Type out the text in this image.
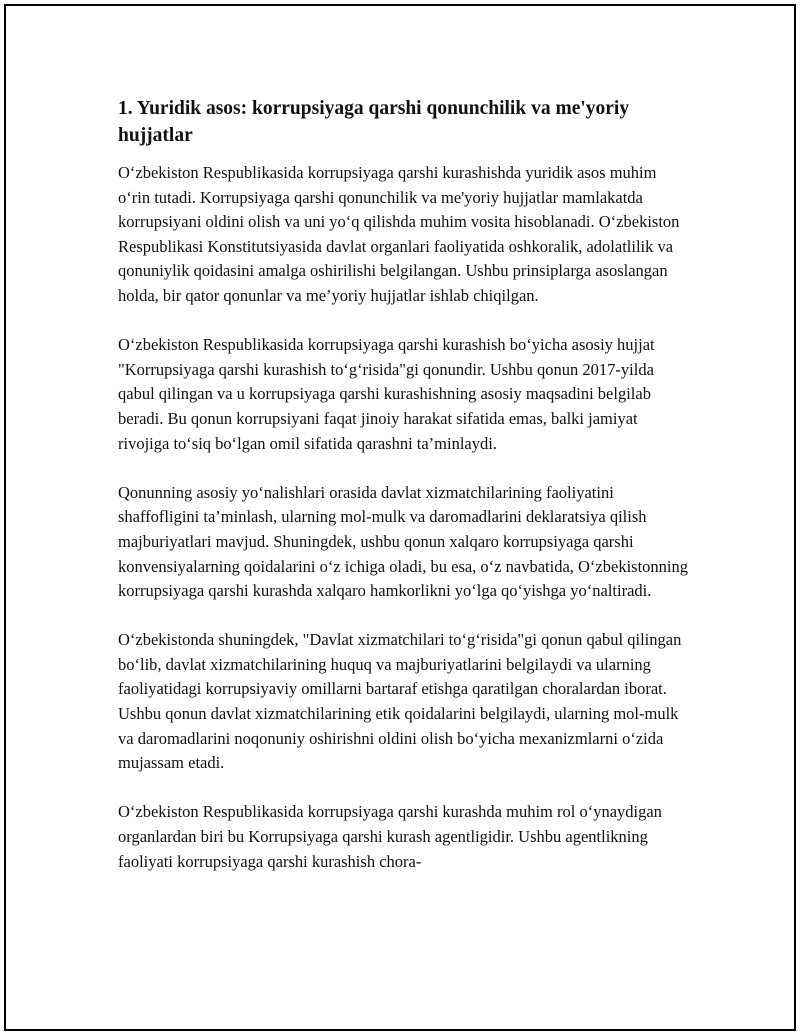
1. Yuridik asos: korrupsiyaga qarshi qonunchilik va me'yoriy hujjatlar

O‘zbekiston Respublikasida korrupsiyaga qarshi kurashishda yuridik asos muhim o‘rin tutadi. Korrupsiyaga qarshi qonunchilik va me'yoriy hujjatlar mamlakatda korrupsiyani oldini olish va uni yo‘q qilishda muhim vosita hisoblanadi. O‘zbekiston Respublikasi Konstitutsiyasida davlat organlari faoliyatida oshkoralik, adolatlilik va qonuniylik qoidasini amalga oshirilishi belgilangan. Ushbu prinsiplarga asoslangan holda, bir qator qonunlar va me’yoriy hujjatlar ishlab chiqilgan.

O‘zbekiston Respublikasida korrupsiyaga qarshi kurashish bo‘yicha asosiy hujjat "Korrupsiyaga qarshi kurashish to‘g‘risida"gi qonundir. Ushbu qonun 2017-yilda qabul qilingan va u korrupsiyaga qarshi kurashishning asosiy maqsadini belgilab beradi. Bu qonun korrupsiyani faqat jinoiy harakat sifatida emas, balki jamiyat rivojiga to‘siq bo‘lgan omil sifatida qarashni ta’minlaydi.

Qonunning asosiy yo‘nalishlari orasida davlat xizmatchilarining faoliyatini shaffofligini ta’minlash, ularning mol-mulk va daromadlarini deklaratsiya qilish majburiyatlari mavjud. Shuningdek, ushbu qonun xalqaro korrupsiyaga qarshi konvensiyalarning qoidalarini o‘z ichiga oladi, bu esa, o‘z navbatida, O‘zbekistonning korrupsiyaga qarshi kurashda xalqaro hamkorlikni yo‘lga qo‘yishga yo‘naltiradi.

O‘zbekistonda shuningdek, "Davlat xizmatchilari to‘g‘risida"gi qonun qabul qilingan bo‘lib, davlat xizmatchilarining huquq va majburiyatlarini belgilaydi va ularning faoliyatidagi korrupsiyaviy omillarni bartaraf etishga qaratilgan choralardan iborat. Ushbu qonun davlat xizmatchilarining etik qoidalarini belgilaydi, ularning mol-mulk va daromadlarini noqonuniy oshirishni oldini olish bo‘yicha mexanizmlarni o‘zida mujassam etadi.

O‘zbekiston Respublikasida korrupsiyaga qarshi kurashda muhim rol o‘ynaydigan organlardan biri bu Korrupsiyaga qarshi kurash agentligidir. Ushbu agentlikning faoliyati korrupsiyaga qarshi kurashish chora-
